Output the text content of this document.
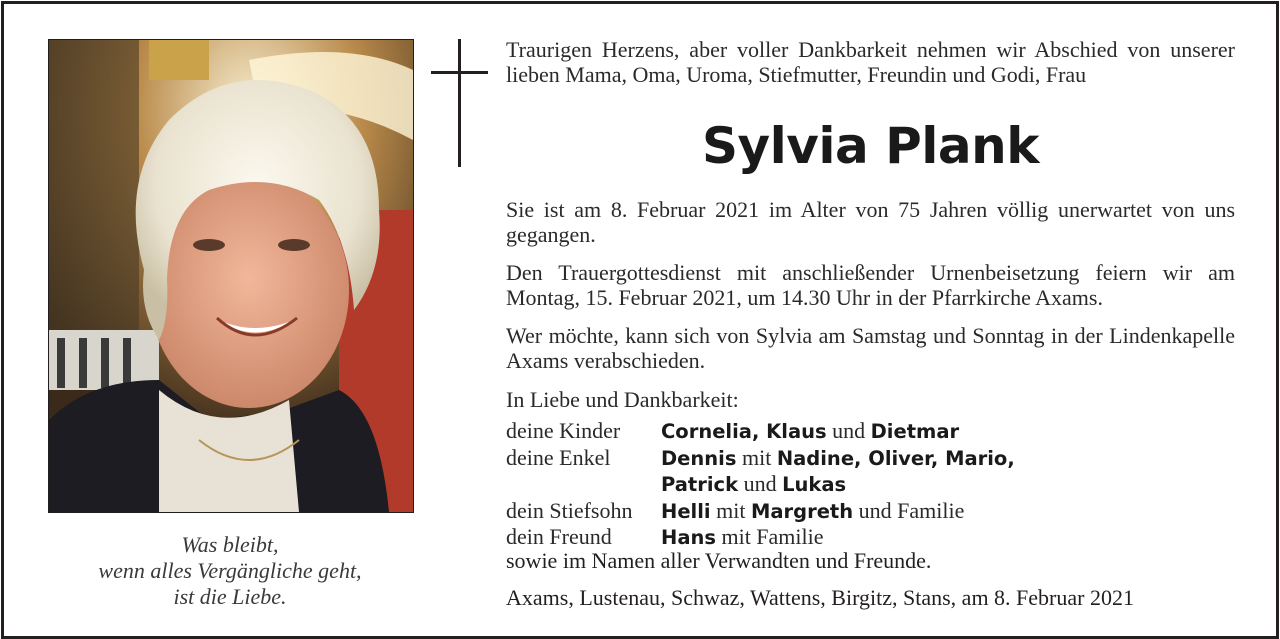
Was bleibt,
wenn alles Vergängliche geht,
ist die Liebe.
Traurigen Herzens, aber voller Dankbarkeit nehmen wir Abschied von unserer lieben Mama, Oma, Uroma, Stiefmutter, Freundin und Godi, Frau
Sylvia Plank
Sie ist am 8. Februar 2021 im Alter von 75 Jahren völlig unerwartet von uns gegangen.
Den Trauergottesdienst mit anschließender Urnenbeisetzung feiern wir am Montag, 15. Februar 2021, um 14.30 Uhr in der Pfarrkirche Axams.
Wer möchte, kann sich von Sylvia am Samstag und Sonntag in der Lindenkapelle Axams verabschieden.
In Liebe und Dankbarkeit:
deine Kinder	Cornelia, Klaus und Dietmar
deine Enkel	Dennis mit Nadine, Oliver, Mario,
Patrick und Lukas
dein Stiefsohn	Helli mit Margreth und Familie
dein Freund	Hans mit Familie
sowie im Namen aller Verwandten und Freunde.
Axams, Lustenau, Schwaz, Wattens, Birgitz, Stans, am 8. Februar 2021
